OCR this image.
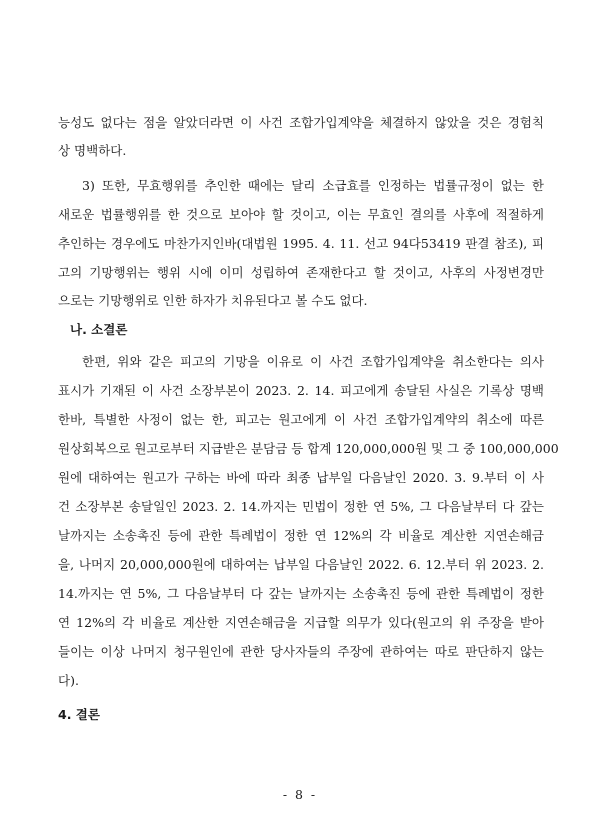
능성도 없다는 점을 알았더라면 이 사건 조합가입계약을 체결하지 않았을 것은 경험칙
상 명백하다.
3) 또한, 무효행위를 추인한 때에는 달리 소급효를 인정하는 법률규정이 없는 한
새로운 법률행위를 한 것으로 보아야 할 것이고, 이는 무효인 결의를 사후에 적절하게
추인하는 경우에도 마찬가지인바(대법원 1995. 4. 11. 선고 94다53419 판결 참조), 피
고의 기망행위는 행위 시에 이미 성립하여 존재한다고 할 것이고, 사후의 사정변경만
으로는 기망행위로 인한 하자가 치유된다고 볼 수도 없다.
나. 소결론
한편, 위와 같은 피고의 기망을 이유로 이 사건 조합가입계약을 취소한다는 의사
표시가 기재된 이 사건 소장부본이 2023. 2. 14. 피고에게 송달된 사실은 기록상 명백
한바, 특별한 사정이 없는 한, 피고는 원고에게 이 사건 조합가입계약의 취소에 따른
원상회복으로 원고로부터 지급받은 분담금 등 합계 120,000,000원 및 그 중 100,000,000
원에 대하여는 원고가 구하는 바에 따라 최종 납부일 다음날인 2020. 3. 9.부터 이 사
건 소장부본 송달일인 2023. 2. 14.까지는 민법이 정한 연 5%, 그 다음날부터 다 갚는
날까지는 소송촉진 등에 관한 특례법이 정한 연 12%의 각 비율로 계산한 지연손해금
을, 나머지 20,000,000원에 대하여는 납부일 다음날인 2022. 6. 12.부터 위 2023. 2.
14.까지는 연 5%, 그 다음날부터 다 갚는 날까지는 소송촉진 등에 관한 특례법이 정한
연 12%의 각 비율로 계산한 지연손해금을 지급할 의무가 있다(원고의 위 주장을 받아
들이는 이상 나머지 청구원인에 관한 당사자들의 주장에 관하여는 따로 판단하지 않는
다).
4. 결론
- 8 -
